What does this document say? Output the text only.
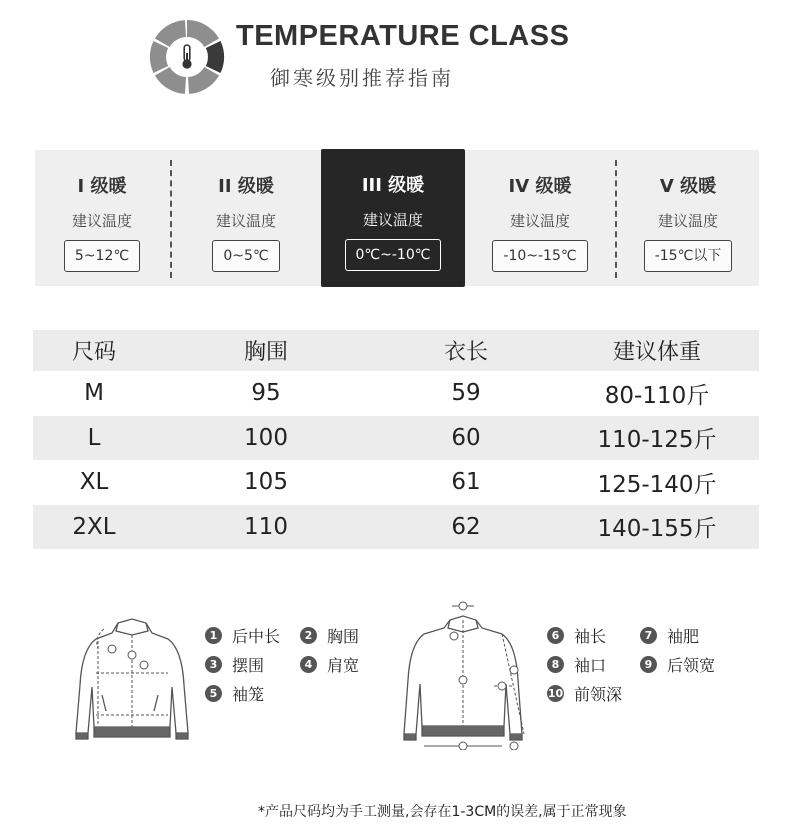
TEMPERATURE CLASS
御寒级别推荐指南
I 级暖
建议温度
5~12℃
II 级暖
建议温度
0~5℃
III 级暖
建议温度
0℃~-10℃
IV 级暖
建议温度
-10~-15℃
V 级暖
建议温度
-15℃以下
尺码	胸围	衣长	建议体重
M	95	59	80-110斤
L	100	60	110-125斤
XL	105	61	125-140斤
2XL	110	62	140-155斤
1 后中长	2 胸围
3 摆围	4 肩宽
5 袖笼
6 袖长	7 袖肥
8 袖口	9 后领宽
10 前领深
*产品尺码均为手工测量,会存在1-3CM的误差,属于正常现象
